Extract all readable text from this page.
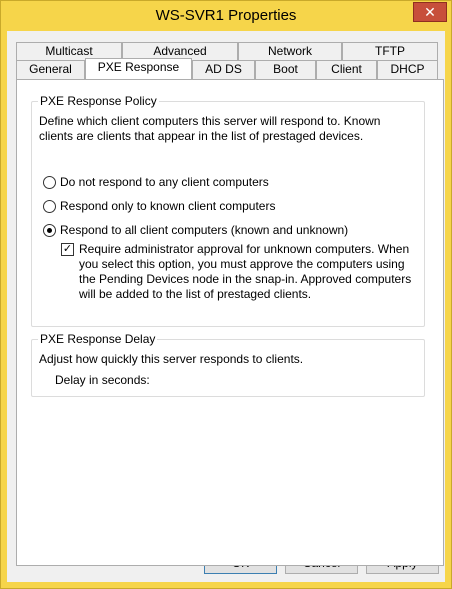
WS-SVR1 Properties	✕
Multicast	Advanced	Network	TFTP
General	PXE Response	AD DS	Boot	Client	DHCP
PXE Response Policy
Define which client computers this server will respond to. Known
clients are clients that appear in the list of prestaged devices.
Do not respond to any client computers
Respond only to known client computers
Respond to all client computers (known and unknown)
✓ Require administrator approval for unknown computers. When
you select this option, you must approve the computers using
the Pending Devices node in the snap-in. Approved computers
will be added to the list of prestaged clients.
PXE Response Delay
Adjust how quickly this server responds to clients.
Delay in seconds:
